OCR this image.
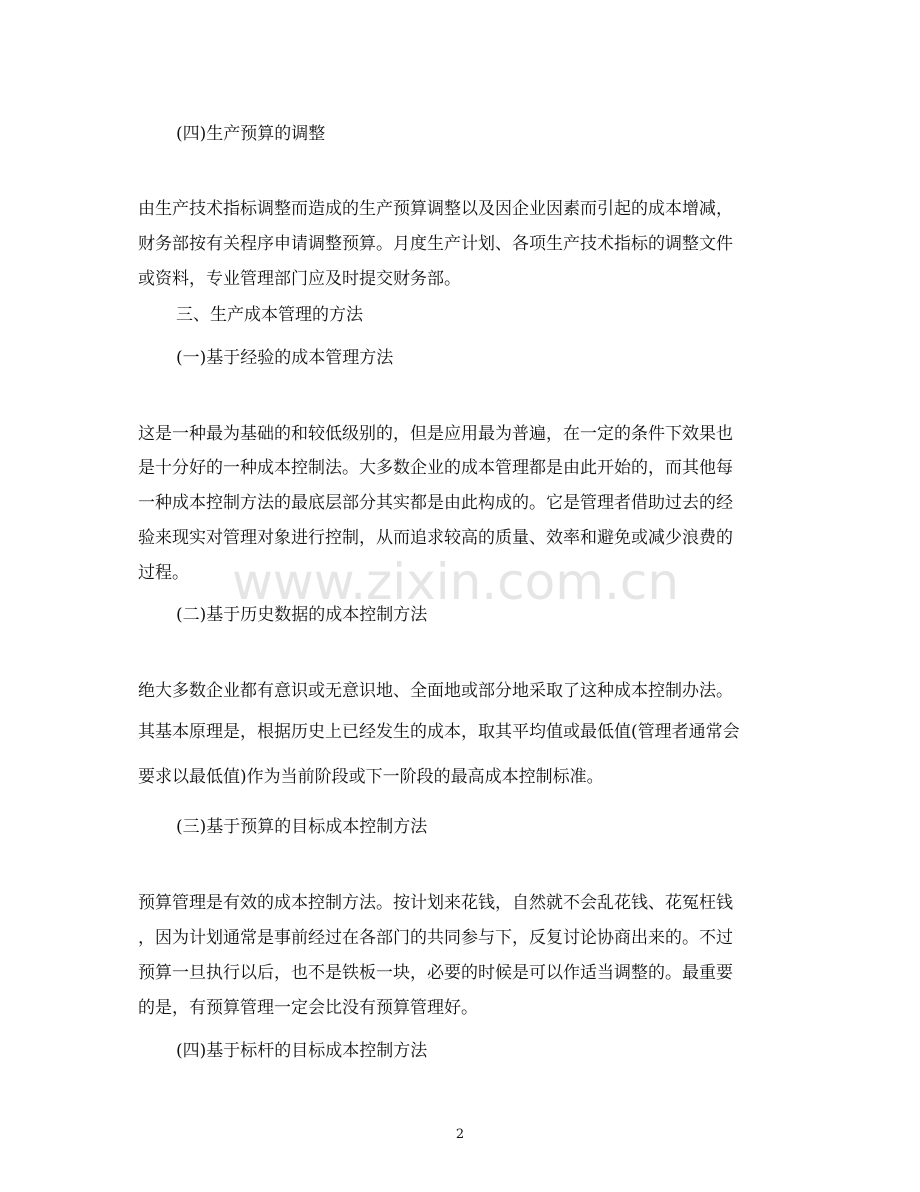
(四)生产预算的调整
由生产技术指标调整而造成的生产预算调整以及因企业因素而引起的成本增减，
财务部按有关程序申请调整预算。月度生产计划、各项生产技术指标的调整文件
或资料，专业管理部门应及时提交财务部。
三、生产成本管理的方法
(一)基于经验的成本管理方法
这是一种最为基础的和较低级别的，但是应用最为普遍，在一定的条件下效果也
是十分好的一种成本控制法。大多数企业的成本管理都是由此开始的，而其他每
一种成本控制方法的最底层部分其实都是由此构成的。它是管理者借助过去的经
验来现实对管理对象进行控制，从而追求较高的质量、效率和避免或减少浪费的
过程。
(二)基于历史数据的成本控制方法
绝大多数企业都有意识或无意识地、全面地或部分地采取了这种成本控制办法。
其基本原理是，根据历史上已经发生的成本，取其平均值或最低值(管理者通常会
要求以最低值)作为当前阶段或下一阶段的最高成本控制标准。
(三)基于预算的目标成本控制方法
预算管理是有效的成本控制方法。按计划来花钱，自然就不会乱花钱、花冤枉钱
，因为计划通常是事前经过在各部门的共同参与下，反复讨论协商出来的。不过
预算一旦执行以后，也不是铁板一块，必要的时候是可以作适当调整的。最重要
的是，有预算管理一定会比没有预算管理好。
(四)基于标杆的目标成本控制方法
www.zixin.com.cn
2
